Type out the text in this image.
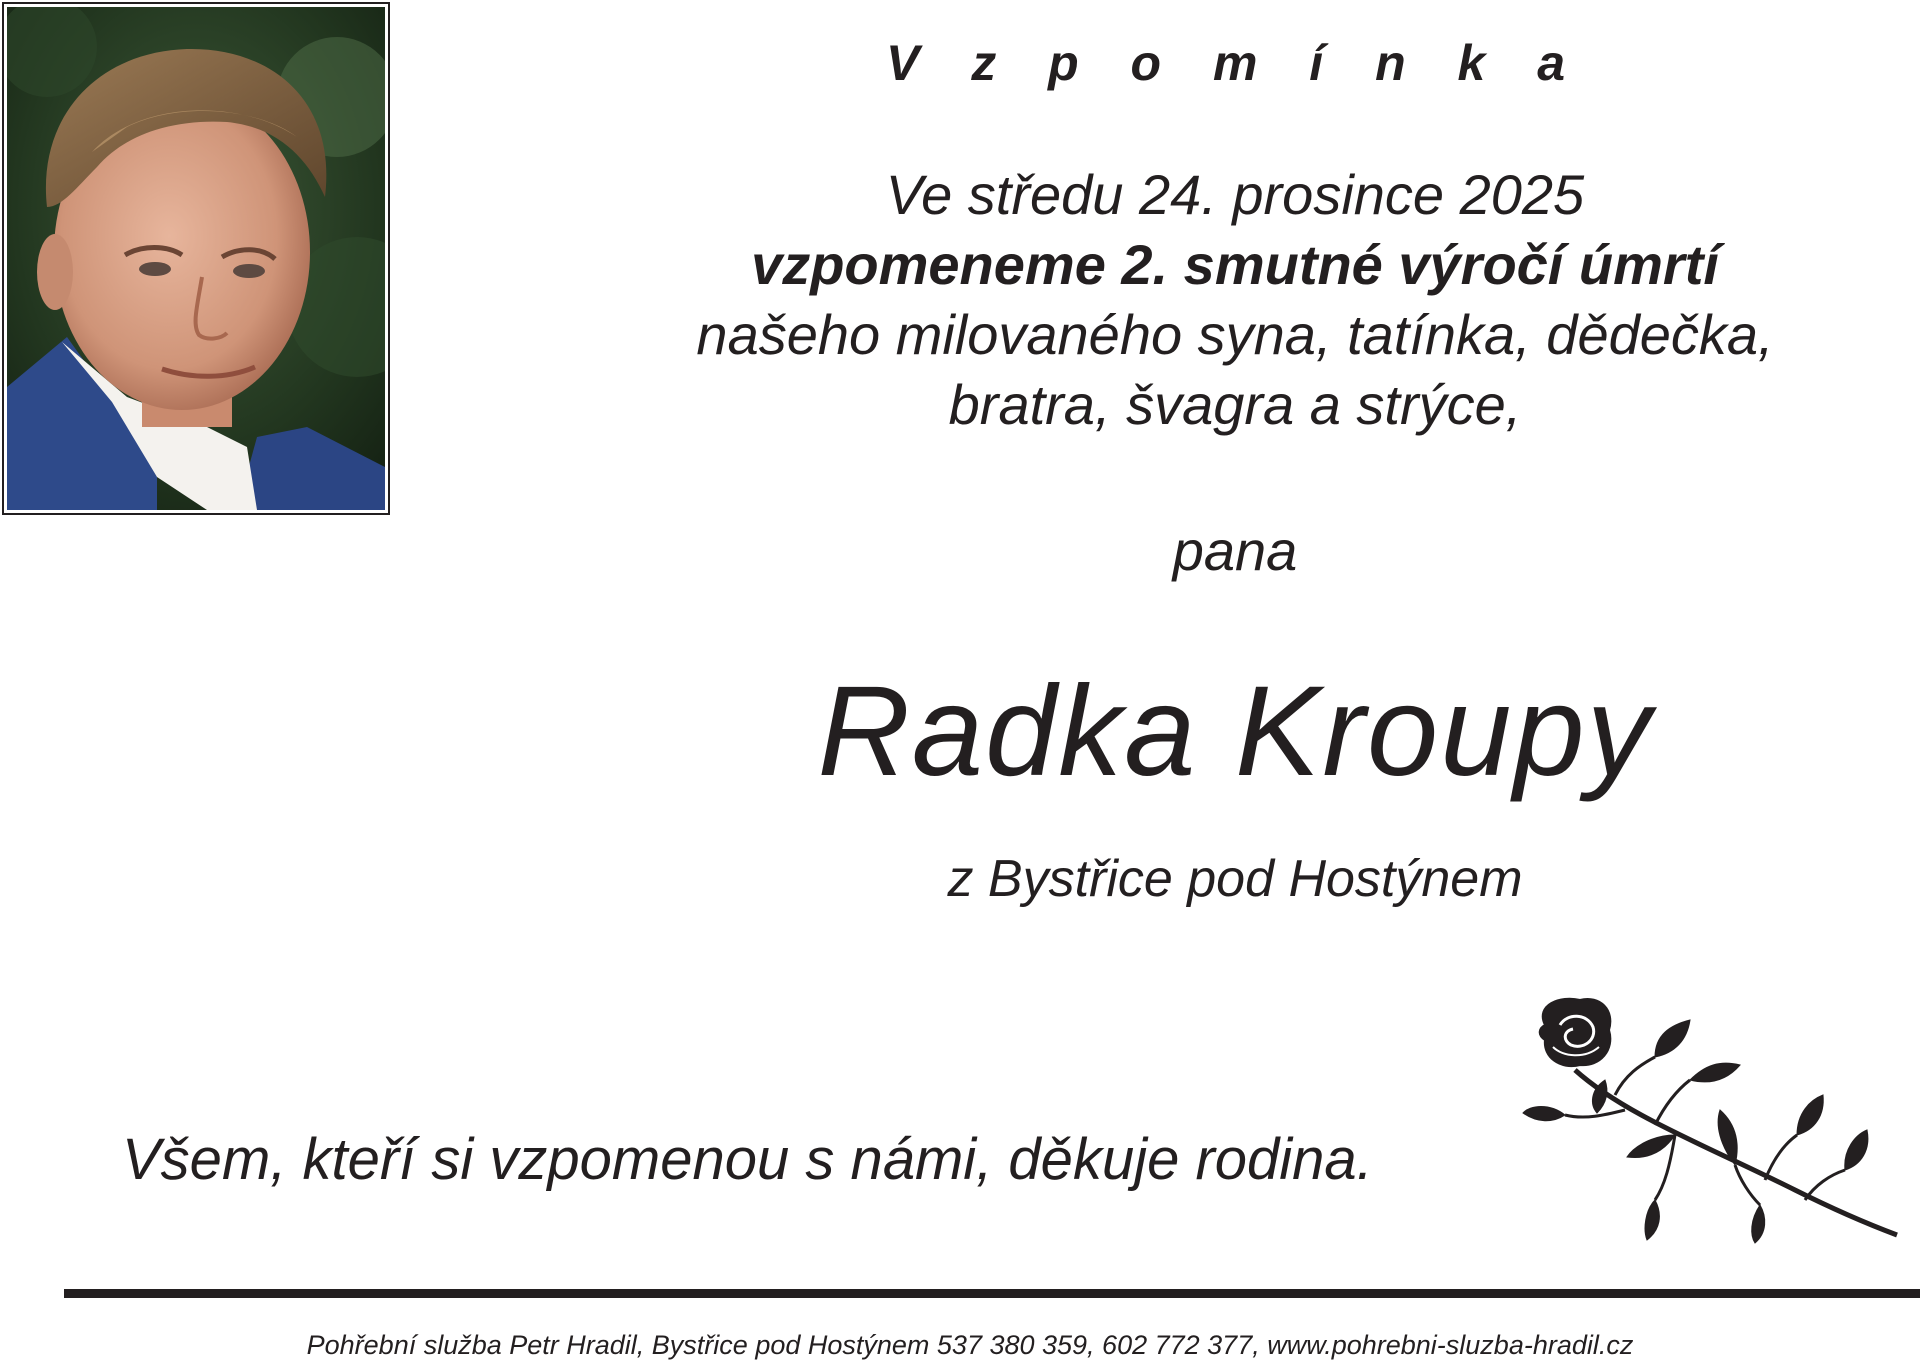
V z p o m í n k a
Ve středu 24. prosince 2025
vzpomeneme 2. smutné výročí úmrtí
našeho milovaného syna, tatínka, dědečka,
bratra, švagra a strýce,
pana
Radka Kroupy
z Bystřice pod Hostýnem
Všem, kteří si vzpomenou s námi, děkuje rodina.
Pohřební služba Petr Hradil, Bystřice pod Hostýnem 537 380 359, 602 772 377, www.pohrebni-sluzba-hradil.cz
